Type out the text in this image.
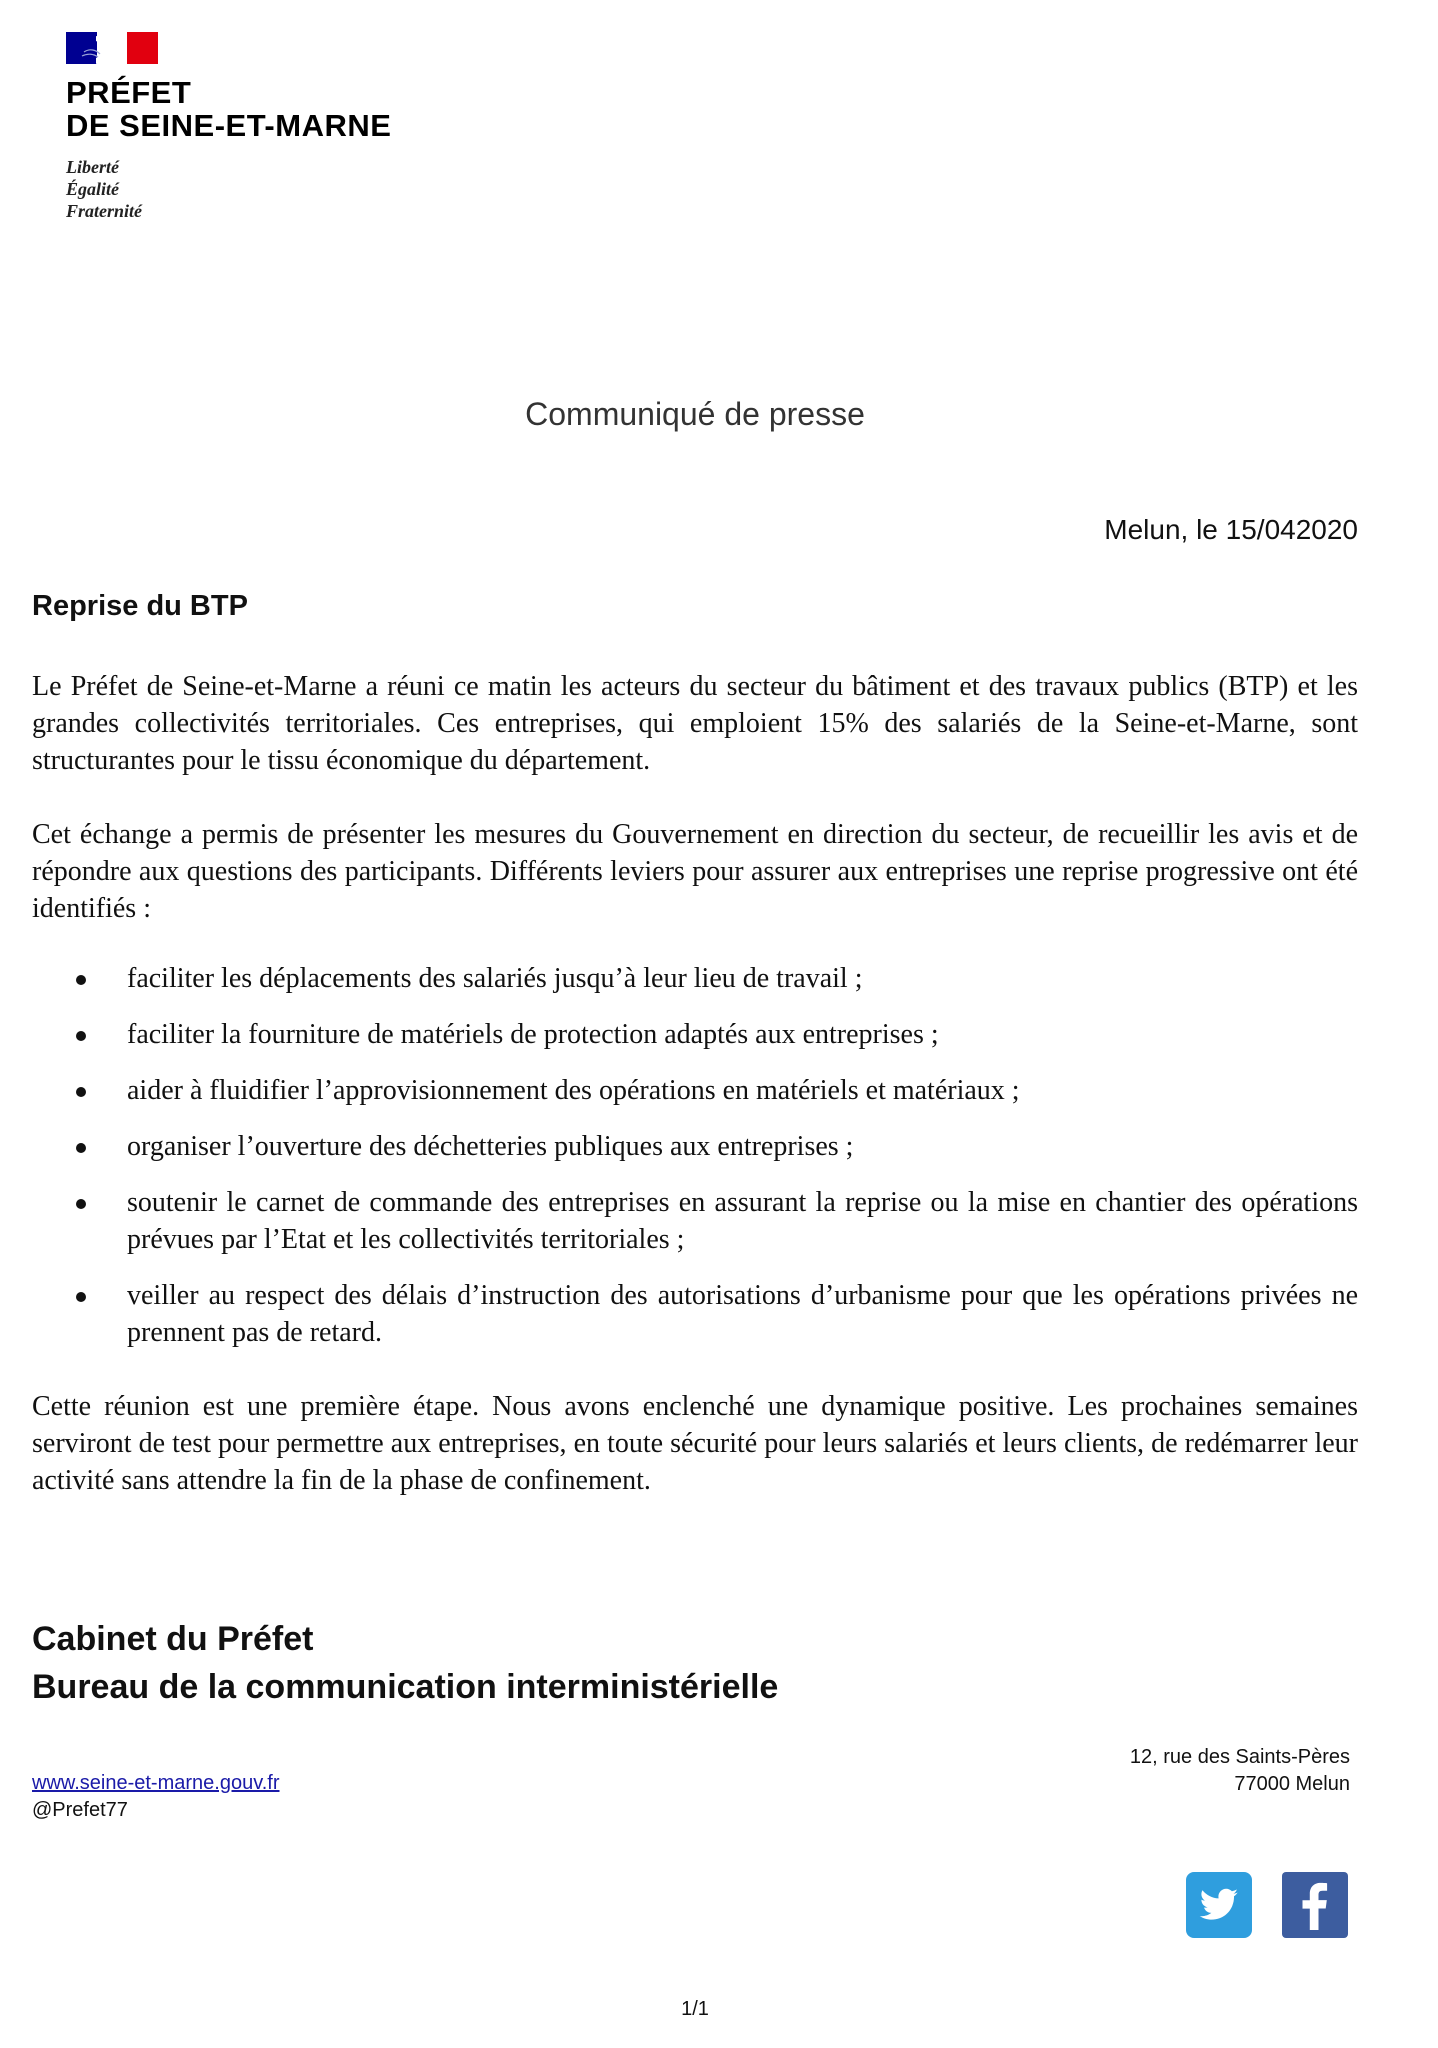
PRÉFET
DE SEINE-ET-MARNE
Liberté
Égalité
Fraternité
Communiqué de presse
Melun, le 15/042020
Reprise du BTP
Le Préfet de Seine-et-Marne a réuni ce matin les acteurs du secteur du bâtiment et des travaux publics (BTP) et les grandes collectivités territoriales. Ces entreprises, qui emploient 15% des salariés de la Seine-et-Marne, sont structurantes pour le tissu économique du département.
Cet échange a permis de présenter les mesures du Gouvernement en direction du secteur, de recueillir les avis et de répondre aux questions des participants. Différents leviers pour assurer aux entreprises une reprise progressive ont été identifiés :
faciliter les déplacements des salariés jusqu’à leur lieu de travail ;
faciliter la fourniture de matériels de protection adaptés aux entreprises ;
aider à fluidifier l’approvisionnement des opérations en matériels et matériaux ;
organiser l’ouverture des déchetteries publiques aux entreprises ;
soutenir le carnet de commande des entreprises en assurant la reprise ou la mise en chantier des opérations prévues par l’Etat et les collectivités territoriales ;
veiller au respect des délais d’instruction des autorisations d’urbanisme pour que les opérations privées ne prennent pas de retard.
Cette réunion est une première étape. Nous avons enclenché une dynamique positive. Les prochaines semaines serviront de test pour permettre aux entreprises, en toute sécurité pour leurs salariés et leurs clients, de redémarrer leur activité sans attendre la fin de la phase de confinement.
Cabinet du Préfet
Bureau de la communication interministérielle
12, rue des Saints-Pères
77000 Melun
www.seine-et-marne.gouv.fr
@Prefet77
1/1
